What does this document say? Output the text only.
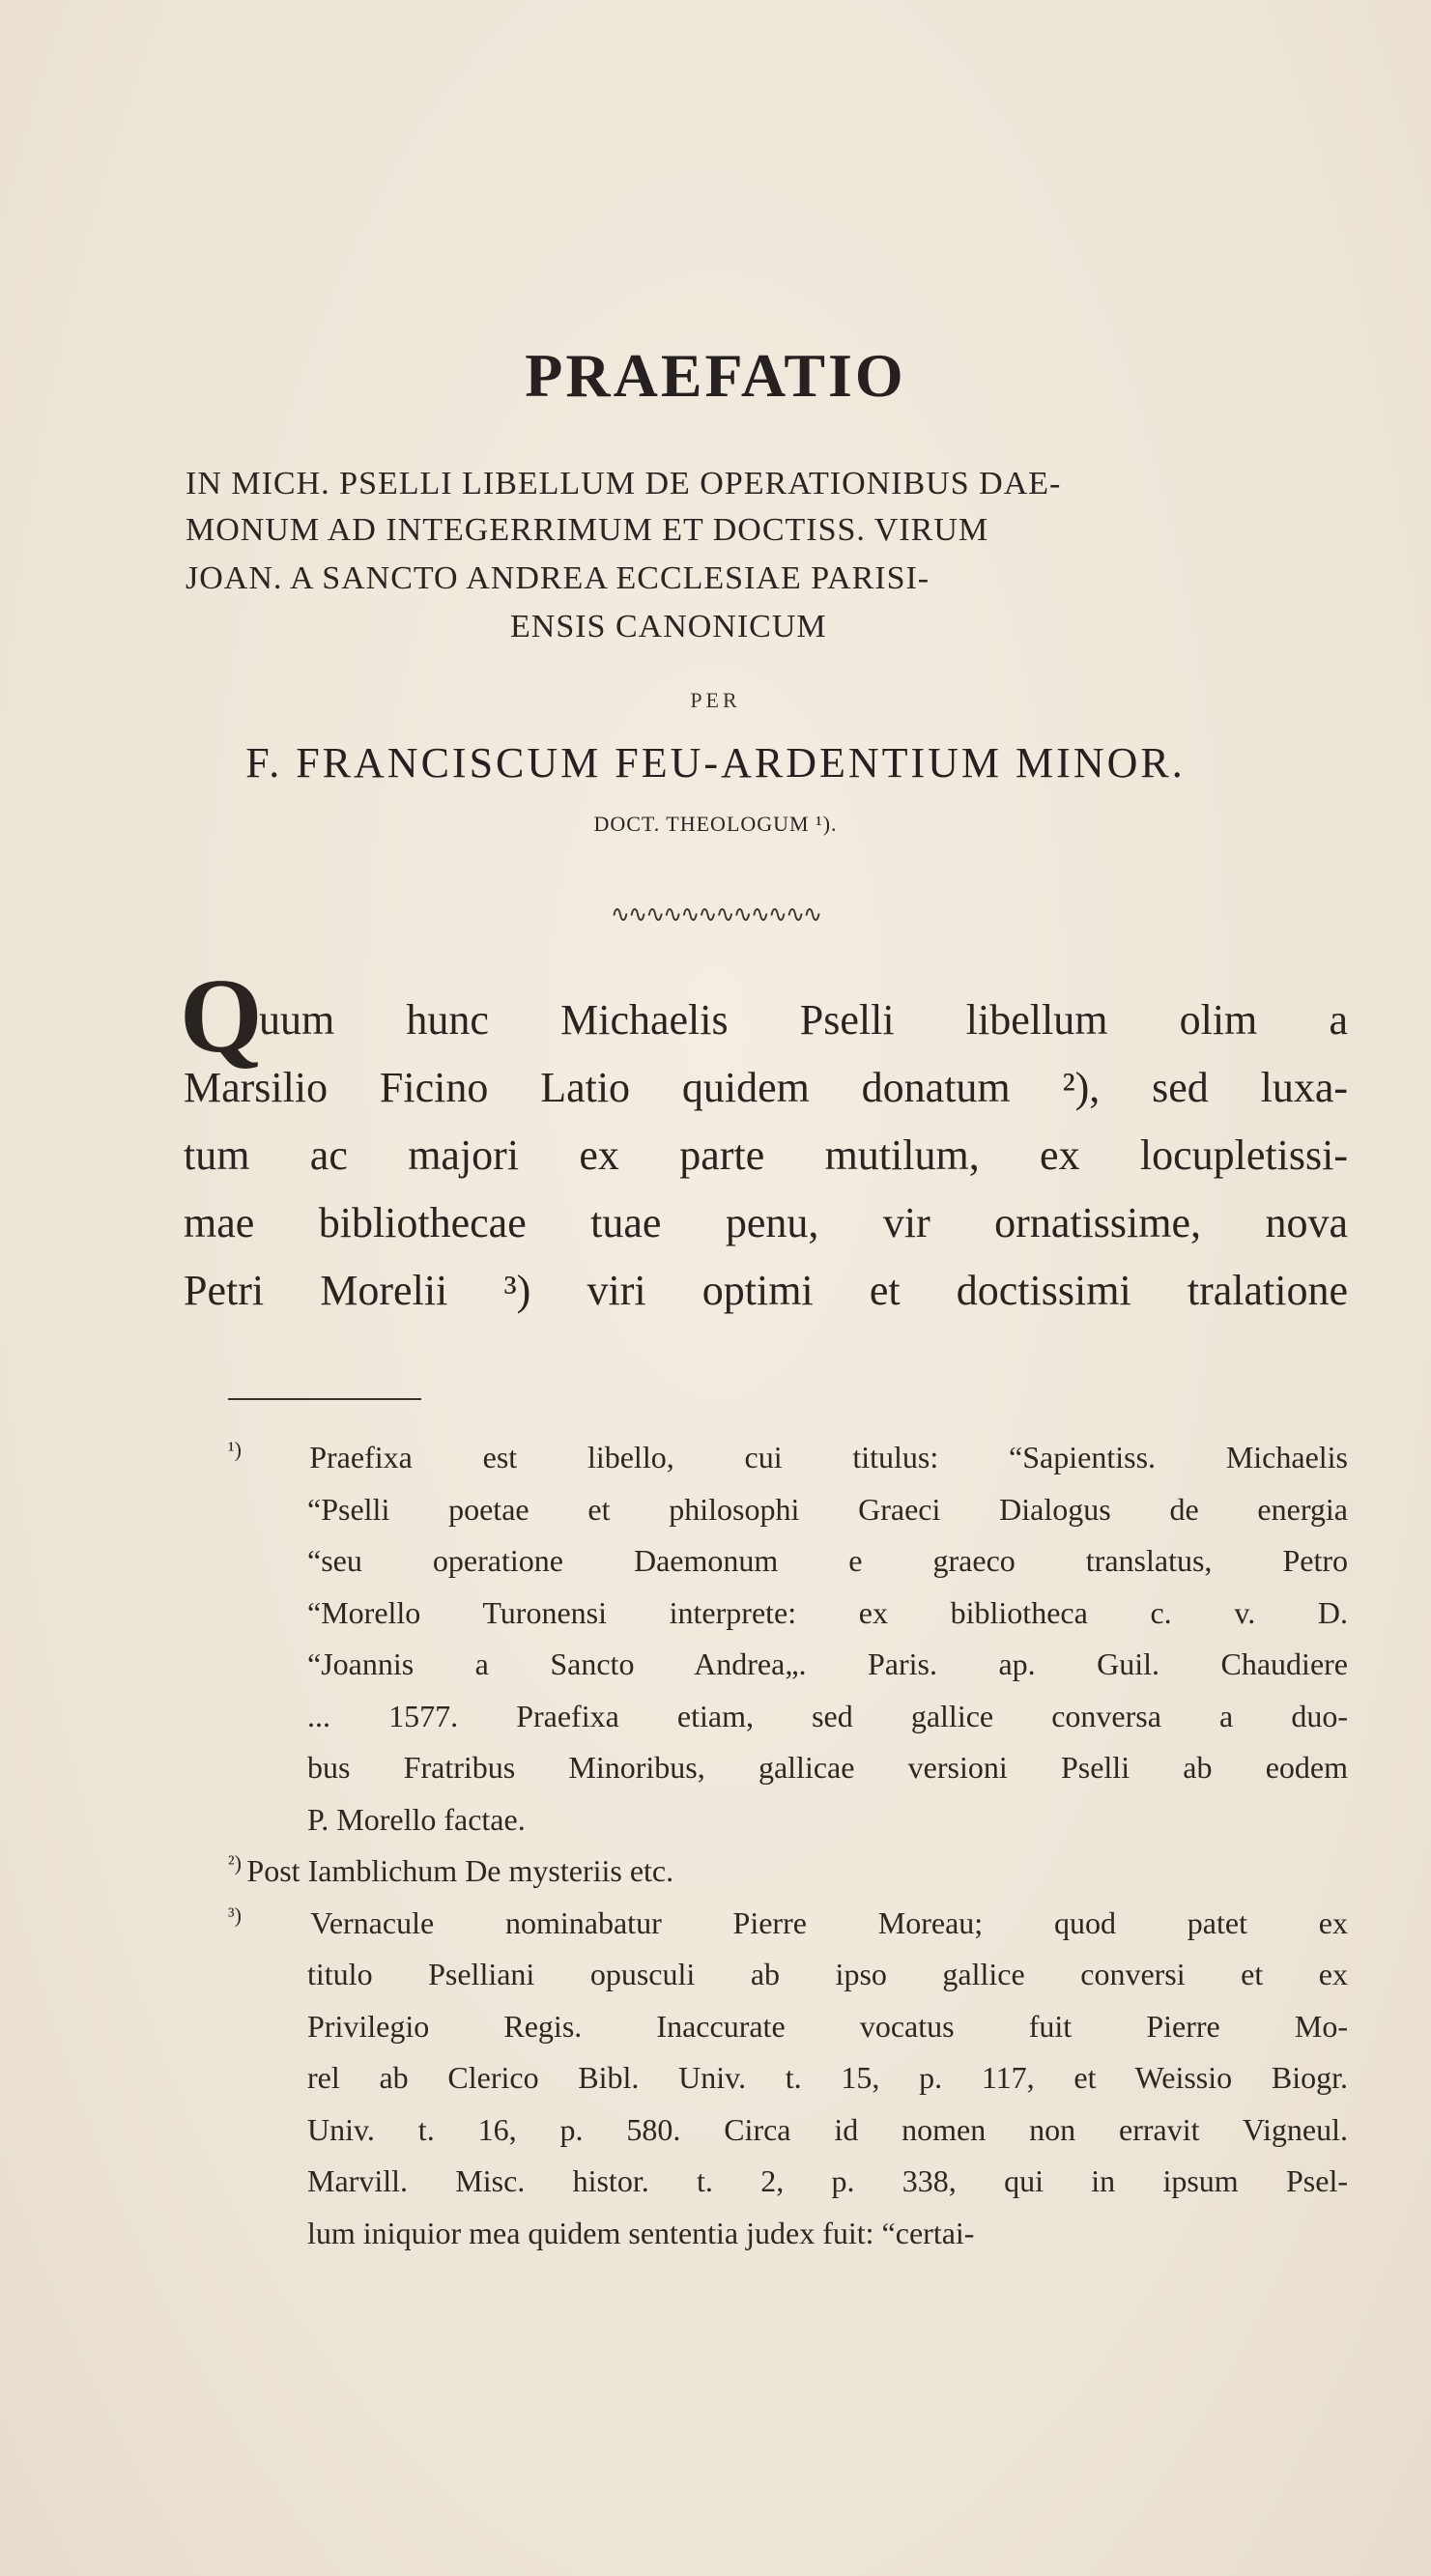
PRAEFATIO
IN MICH. PSELLI LIBELLUM DE OPERATIONIBUS DAE-
MONUM AD INTEGERRIMUM ET DOCTISS. VIRUM
JOAN. A SANCTO ANDREA ECCLESIAE PARISI-
ENSIS CANONICUM
PER
F. FRANCISCUM FEU-ARDENTIUM MINOR.
DOCT. THEOLOGUM ¹).
∿∿∿∿∿∿∿∿∿∿∿∿
Q
uum hunc Michaelis Pselli libellum olim a
Marsilio Ficino Latio quidem donatum ²), sed luxa-
tum ac majori ex parte mutilum, ex locupletissi-
mae bibliothecae tuae penu, vir ornatissime, nova
Petri Morelii ³) viri optimi et doctissimi tralatione
$^{^1)}$ Praefixa est libello, cui titulus: “Sapientiss. Michaelis
“Pselli poetae et philosophi Graeci Dialogus de energia
“seu operatione Daemonum e graeco translatus, Petro
“Morello Turonensi interprete: ex bibliotheca c. v. D.
“Joannis a Sancto Andrea„. Paris. ap. Guil. Chaudiere
... 1577. Praefixa etiam, sed gallice conversa a duo-
bus Fratribus Minoribus, gallicae versioni Pselli ab eodem
P. Morello factae.
$^{^2)}$ Post Iamblichum De mysteriis etc.
$^{^3)}$ Vernacule nominabatur Pierre Moreau; quod patet ex
titulo Pselliani opusculi ab ipso gallice conversi et ex
Privilegio Regis. Inaccurate vocatus fuit Pierre Mo-
rel ab Clerico Bibl. Univ. t. 15, p. 117, et Weissio Biogr.
Univ. t. 16, p. 580. Circa id nomen non erravit Vigneul.
Marvill. Misc. histor. t. 2, p. 338, qui in ipsum Psel-
lum iniquior mea quidem sententia judex fuit: “certai-
